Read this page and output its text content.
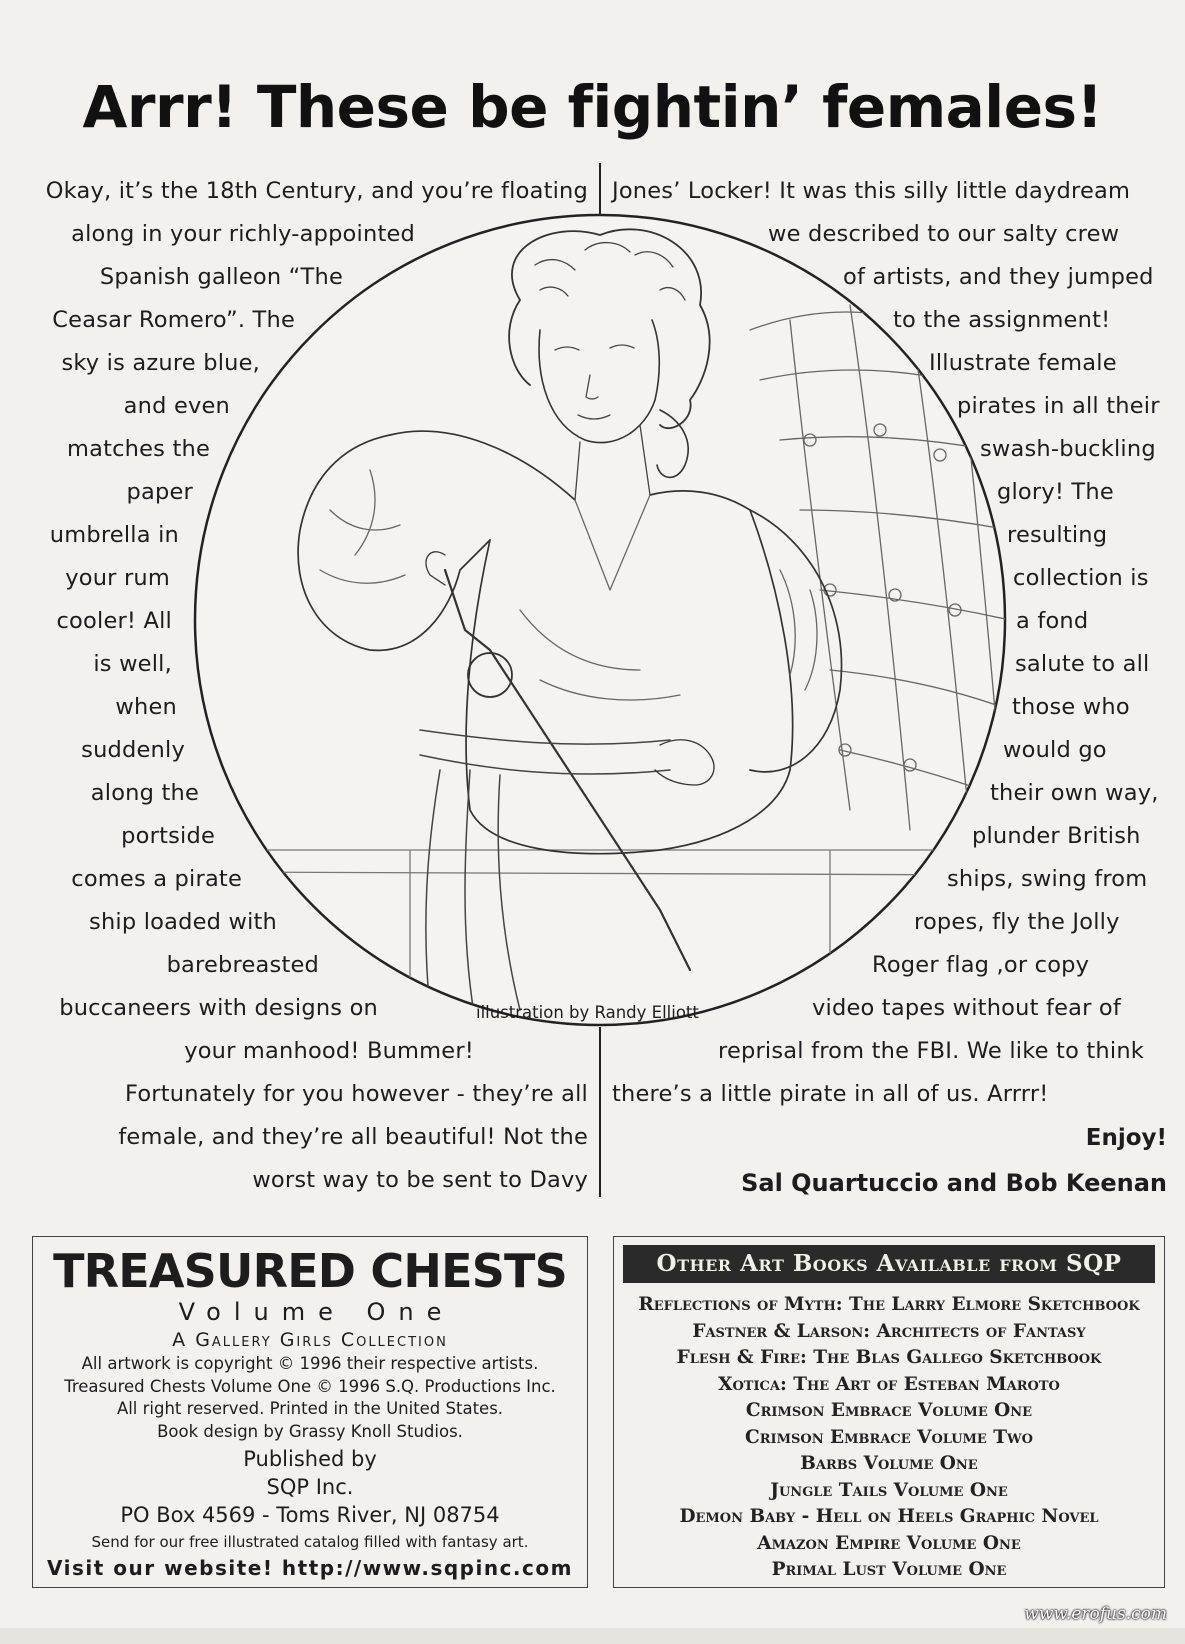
Arrr! These be fightin’ females!
illustration by Randy Elliott
Okay, it’s the 18th Century, and you’re floating
along in your richly-appointed
Spanish galleon “The
Ceasar Romero”. The
sky is azure blue,
and even
matches the
paper
umbrella in
your rum
cooler! All
is well,
when
suddenly
along the
portside
comes a pirate
ship loaded with
barebreasted
buccaneers with designs on
your manhood! Bummer!
Fortunately for you however - they’re all
female, and they’re all beautiful! Not the
worst way to be sent to Davy
Jones’ Locker! It was this silly little daydream
we described to our salty crew
of artists, and they jumped
to the assignment!
Illustrate female
pirates in all their
swash-buckling
glory! The
resulting
collection is
a fond
salute to all
those who
would go
their own way,
plunder British
ships, swing from
ropes, fly the Jolly
Roger flag ,or copy
video tapes without fear of
reprisal from the FBI. We like to think
there’s a little pirate in all of us. Arrrr!
Enjoy!
Sal Quartuccio and Bob Keenan
TREASURED CHESTS
Volume One
A Gallery Girls Collection
All artwork is copyright © 1996 their respective artists.
Treasured Chests Volume One © 1996 S.Q. Productions Inc.
All right reserved. Printed in the United States.
Book design by Grassy Knoll Studios.
Published by
SQP Inc.
PO Box 4569 - Toms River, NJ 08754
Send for our free illustrated catalog filled with fantasy art.
Visit our website! http://www.sqpinc.com
Other Art Books Available from SQP
Reflections of Myth: The Larry Elmore Sketchbook
Fastner & Larson: Architects of Fantasy
Flesh & Fire: The Blas Gallego Sketchbook
Xotica: The Art of Esteban Maroto
Crimson Embrace Volume One
Crimson Embrace Volume Two
Barbs Volume One
Jungle Tails Volume One
Demon Baby - Hell on Heels Graphic Novel
Amazon Empire Volume One
Primal Lust Volume One
www.erofus.com
